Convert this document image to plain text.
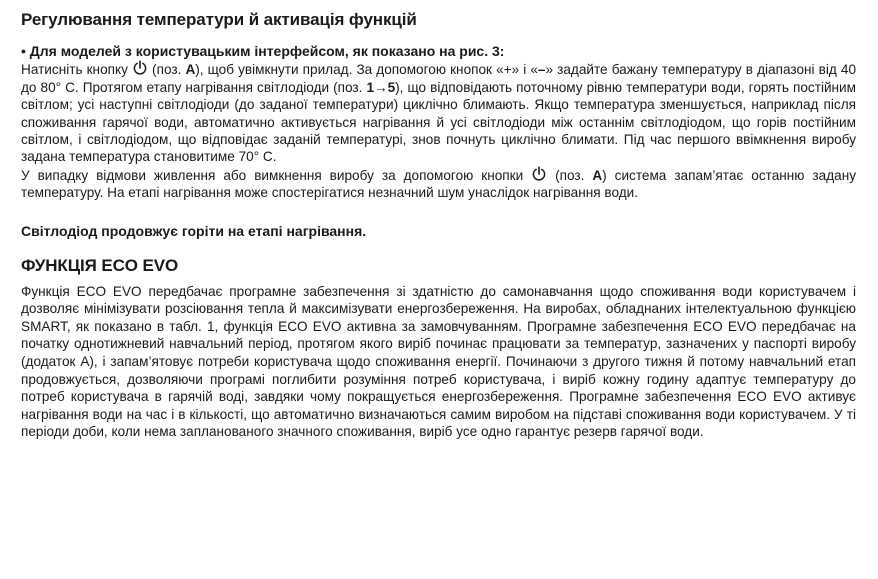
Регулювання температури й активація функцій
• Для моделей з користувацьким інтерфейсом, як показано на рис. 3:

Натисніть кнопку  (поз. A), щоб увімкнути прилад. За допомогою кнопок «+» і «–» задайте бажану температуру в діапазоні від 40 до 80° C. Протягом етапу нагрівання світлодіоди (поз. 1→5), що відповідають поточному рівню температури води, горять постійним світлом; усі наступні світлодіоди (до заданої температури) циклічно блимають. Якщо температура зменшується, наприклад після споживання гарячої води, автоматично активується нагрівання й усі світлодіоди між останнім світлодіодом, що горів постійним світлом, і світлодіодом, що відповідає заданій температурі, знов почнуть циклічно блимати. Під час першого ввімкнення виробу задана температура становитиме 70° C.

У випадку відмови живлення або вимкнення виробу за допомогою кнопки  (поз. A) система запам’ятає останню задану температуру. На етапі нагрівання може спостерігатися незначний шум унаслідок нагрівання води.

Світлодіод продовжує горіти на етапі нагрівання.
ФУНКЦІЯ ECO EVO

Функція ECO EVO передбачає програмне забезпечення зі здатністю до самонавчання щодо споживання води користувачем і дозволяє мінімізувати розсіювання тепла й максимізувати енергозбереження. На виробах, обладнаних інтелектуальною функцією SMART, як показано в табл. 1, функція ECO EVO активна за замовчуванням. Програмне забезпечення ECO EVO передбачає на початку однотижневий навчальний період, протягом якого виріб починає працювати за температур, зазначених у паспорті виробу (додаток А), і запам’ятовує потреби користувача щодо споживання енергії. Починаючи з другого тижня й потому навчальний етап продовжується, дозволяючи програмі поглибити розуміння потреб користувача, і виріб кожну годину адаптує температуру до потреб користувача в гарячій воді, завдяки чому покращується енергозбереження. Програмне забезпечення ECO EVO активує нагрівання води на час і в кількості, що автоматично визначаються самим виробом на підставі споживання води користувачем. У ті періоди доби, коли нема запланованого значного споживання, виріб усе одно гарантує резерв гарячої води.
